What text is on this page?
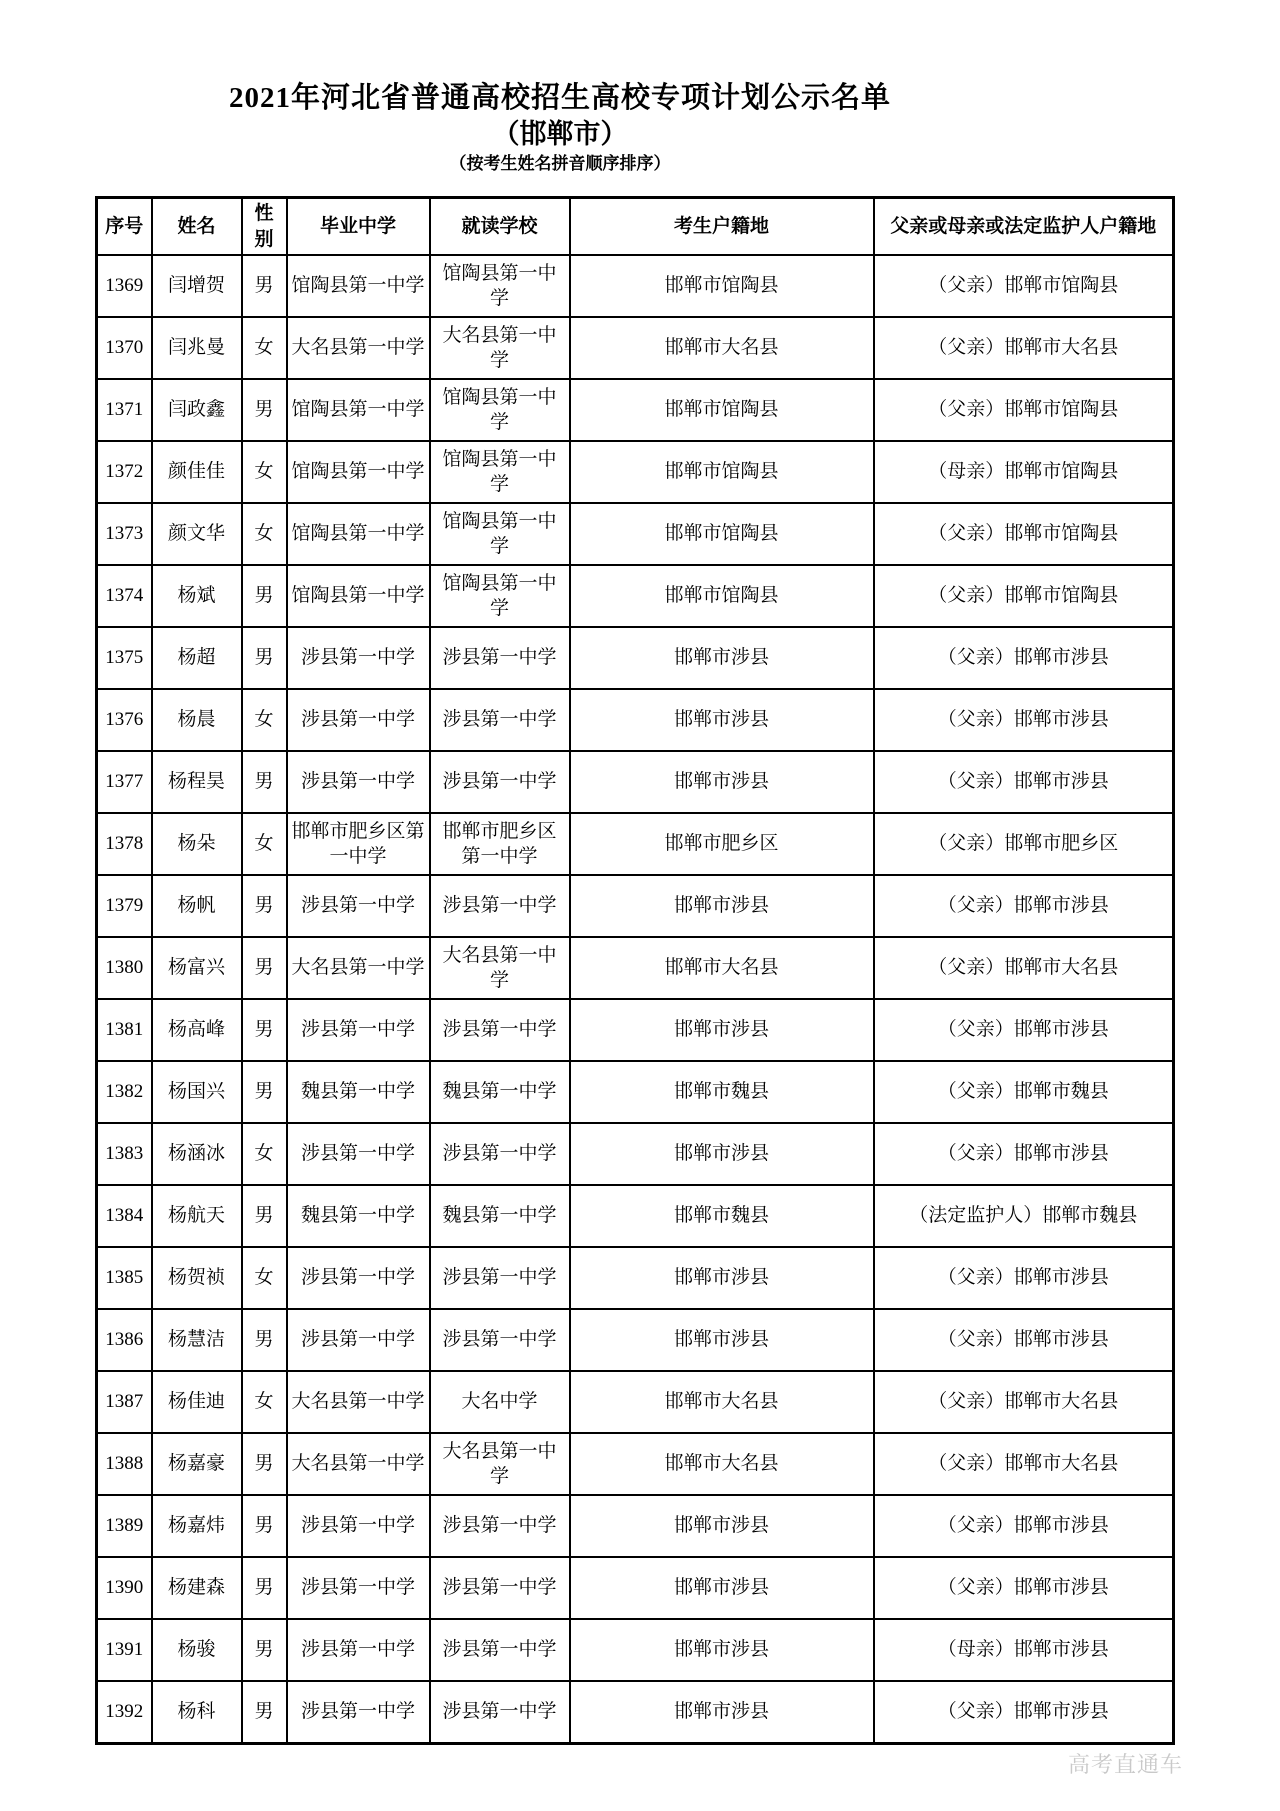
2021年河北省普通高校招生高校专项计划公示名单
（邯郸市）
（按考生姓名拼音顺序排序）
序号	姓名	性别	毕业中学	就读学校	考生户籍地	父亲或母亲或法定监护人户籍地
1369	闫增贺	男	馆陶县第一中学	馆陶县第一中学	邯郸市馆陶县	（父亲）邯郸市馆陶县
1370	闫兆曼	女	大名县第一中学	大名县第一中学	邯郸市大名县	（父亲）邯郸市大名县
1371	闫政鑫	男	馆陶县第一中学	馆陶县第一中学	邯郸市馆陶县	（父亲）邯郸市馆陶县
1372	颜佳佳	女	馆陶县第一中学	馆陶县第一中学	邯郸市馆陶县	（母亲）邯郸市馆陶县
1373	颜文华	女	馆陶县第一中学	馆陶县第一中学	邯郸市馆陶县	（父亲）邯郸市馆陶县
1374	杨斌	男	馆陶县第一中学	馆陶县第一中学	邯郸市馆陶县	（父亲）邯郸市馆陶县
1375	杨超	男	涉县第一中学	涉县第一中学	邯郸市涉县	（父亲）邯郸市涉县
1376	杨晨	女	涉县第一中学	涉县第一中学	邯郸市涉县	（父亲）邯郸市涉县
1377	杨程昊	男	涉县第一中学	涉县第一中学	邯郸市涉县	（父亲）邯郸市涉县
1378	杨朵	女	邯郸市肥乡区第一中学	邯郸市肥乡区第一中学	邯郸市肥乡区	（父亲）邯郸市肥乡区
1379	杨帆	男	涉县第一中学	涉县第一中学	邯郸市涉县	（父亲）邯郸市涉县
1380	杨富兴	男	大名县第一中学	大名县第一中学	邯郸市大名县	（父亲）邯郸市大名县
1381	杨高峰	男	涉县第一中学	涉县第一中学	邯郸市涉县	（父亲）邯郸市涉县
1382	杨国兴	男	魏县第一中学	魏县第一中学	邯郸市魏县	（父亲）邯郸市魏县
1383	杨涵冰	女	涉县第一中学	涉县第一中学	邯郸市涉县	（父亲）邯郸市涉县
1384	杨航天	男	魏县第一中学	魏县第一中学	邯郸市魏县	（法定监护人）邯郸市魏县
1385	杨贺祯	女	涉县第一中学	涉县第一中学	邯郸市涉县	（父亲）邯郸市涉县
1386	杨慧洁	男	涉县第一中学	涉县第一中学	邯郸市涉县	（父亲）邯郸市涉县
1387	杨佳迪	女	大名县第一中学	大名中学	邯郸市大名县	（父亲）邯郸市大名县
1388	杨嘉豪	男	大名县第一中学	大名县第一中学	邯郸市大名县	（父亲）邯郸市大名县
1389	杨嘉炜	男	涉县第一中学	涉县第一中学	邯郸市涉县	（父亲）邯郸市涉县
1390	杨建森	男	涉县第一中学	涉县第一中学	邯郸市涉县	（父亲）邯郸市涉县
1391	杨骏	男	涉县第一中学	涉县第一中学	邯郸市涉县	（母亲）邯郸市涉县
1392	杨科	男	涉县第一中学	涉县第一中学	邯郸市涉县	（父亲）邯郸市涉县
高考直通车
